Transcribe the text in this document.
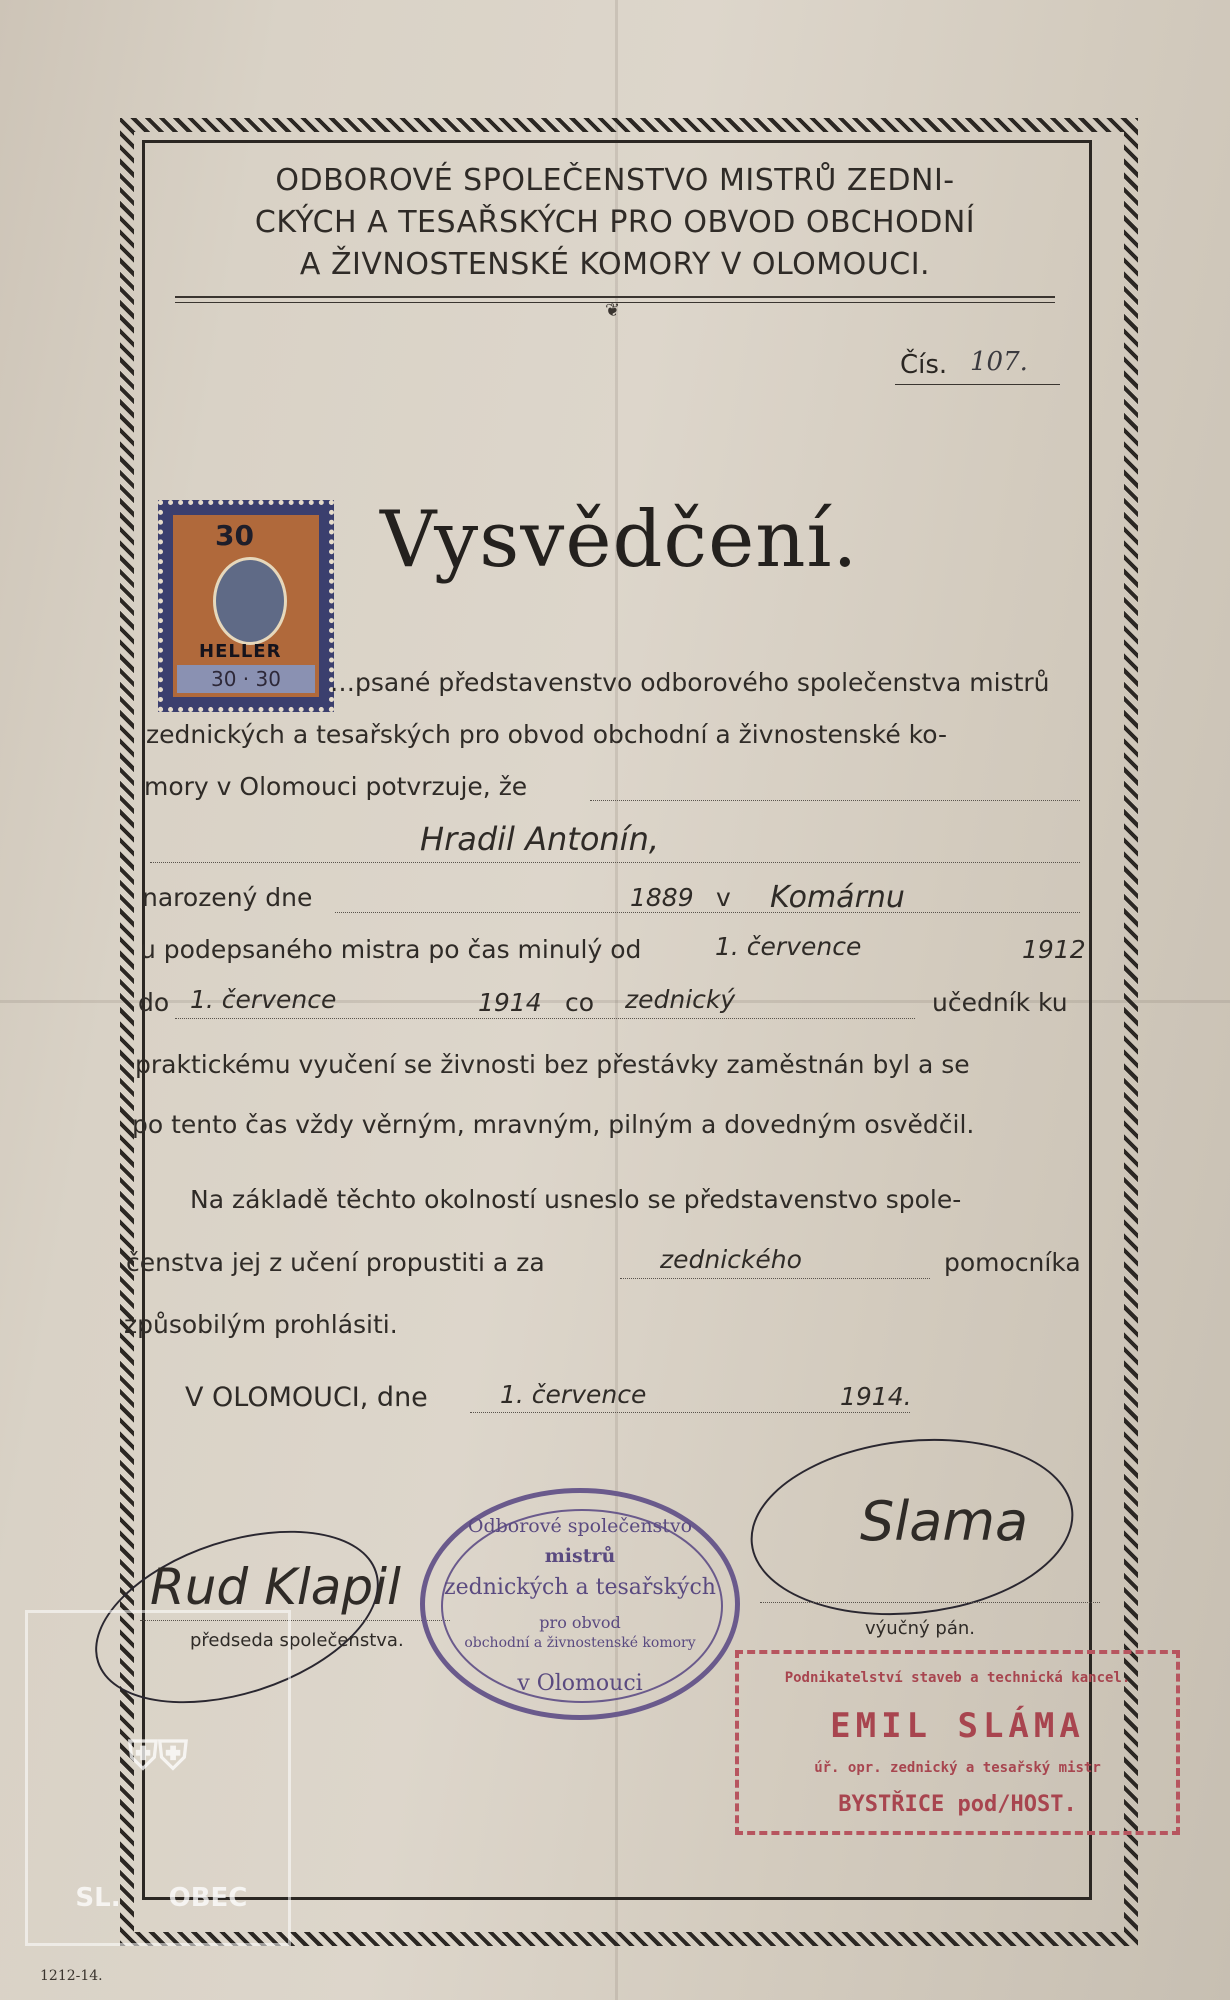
ODBOROVÉ SPOLEČENSTVO MISTRŮ ZEDNI-
CKÝCH A TESAŘSKÝCH PRO OBVOD OBCHODNÍ
A ŽIVNOSTENSKÉ KOMORY V OLOMOUCI.
❦
Čís. 107.
30
HELLER
30 · 30
Vysvědčení.
…psané představenstvo odborového společenstva mistrů
zednických a tesařských pro obvod obchodní a živnostenské ko-
mory v Olomouci potvrzuje, že
Hradil Antonín,
narozený dne	1889 v Komárnu
u podepsaného mistra po čas minulý od	1. července	1912
do 1. července	1914 co zednický	učedník ku
praktickému vyučení se živnosti bez přestávky zaměstnán byl a se
po tento čas vždy věrným, mravným, pilným a dovedným osvědčil.
Na základě těchto okolností usneslo se představenstvo spole-
čenstva jej z učení propustiti a za	zednického	pomocníka
způsobilým prohlásiti.
V OLOMOUCI, dne	1. července	1914.
Rud Klapil
předseda společenstva.
Slama
výučný pán.
Odborové společenstvo
mistrů
zednických a tesařských
pro obvod
obchodní a živnostenské komory
v Olomouci	Podnikatelství staveb a technická kancel.
EMIL SLÁMA
úř. opr. zednický a tesařský mistr
BYSTŘICE pod/HOST.
⛨⛨
SL.	OBEC
1212-14.
